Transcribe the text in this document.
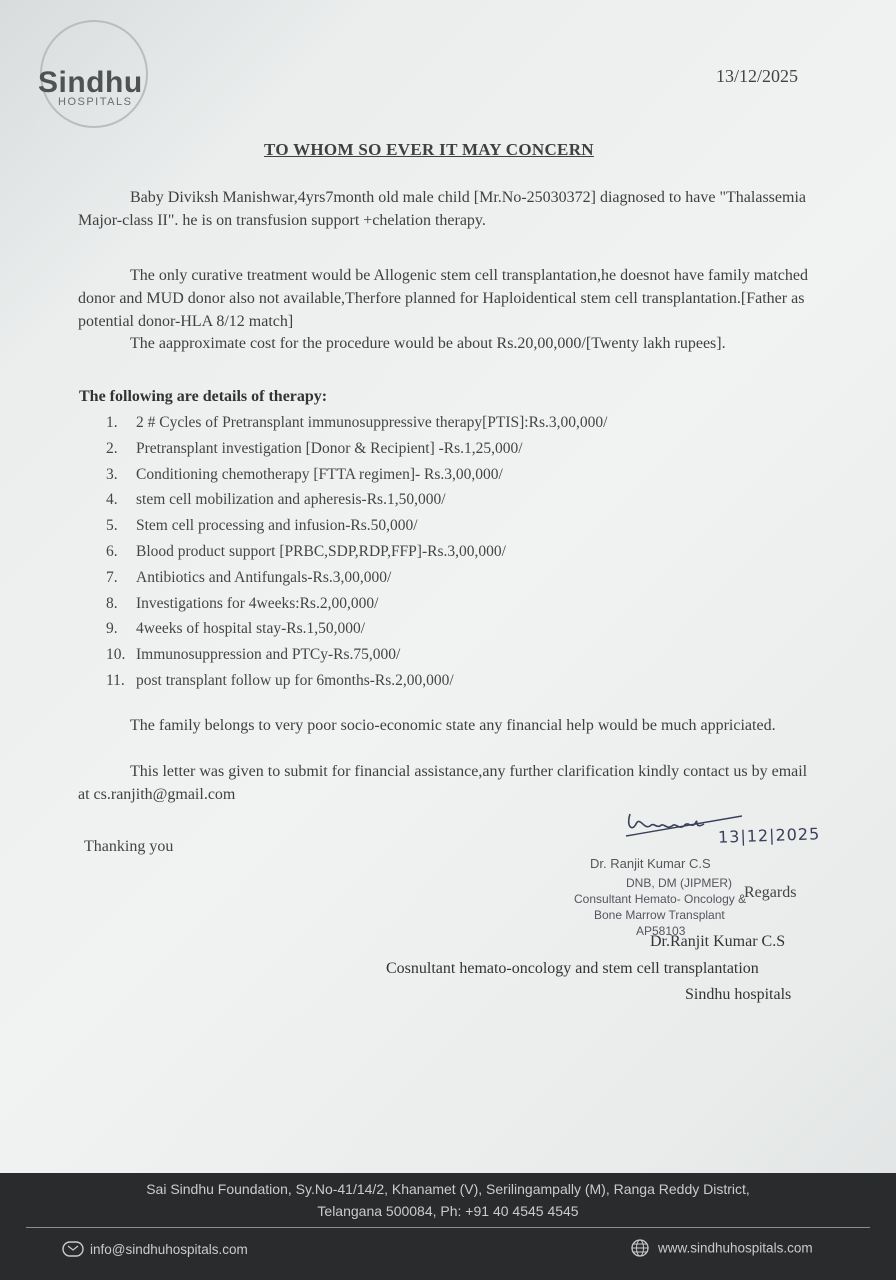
Sindhu
HOSPITALS
13/12/2025
TO WHOM SO EVER IT MAY CONCERN
Baby Diviksh Manishwar,4yrs7month old male child [Mr.No-25030372] diagnosed to have "Thalassemia Major-class II". he is on transfusion support +chelation therapy.
The only curative treatment would be Allogenic stem cell transplantation,he doesnot have family matched donor and MUD donor also not available,Therfore planned for Haploidentical stem cell transplantation.[Father as potential donor-HLA 8/12 match]
The aapproximate cost for the procedure would be about Rs.20,00,000/[Twenty lakh rupees].
The following are details of therapy:
1. 2 # Cycles of Pretransplant immunosuppressive therapy[PTIS]:Rs.3,00,000/
2. Pretransplant investigation [Donor & Recipient] -Rs.1,25,000/
3. Conditioning chemotherapy [FTTA regimen]- Rs.3,00,000/
4. stem cell mobilization and apheresis-Rs.1,50,000/
5. Stem cell processing and infusion-Rs.50,000/
6. Blood product support [PRBC,SDP,RDP,FFP]-Rs.3,00,000/
7. Antibiotics and Antifungals-Rs.3,00,000/
8. Investigations for 4weeks:Rs.2,00,000/
9. 4weeks of hospital stay-Rs.1,50,000/
10. Immunosuppression and PTCy-Rs.75,000/
11. post transplant follow up for 6months-Rs.2,00,000/
The family belongs to very poor socio-economic state any financial help would be much appriciated.
This letter was given to submit for financial assistance,any further clarification kindly contact us by email at cs.ranjith@gmail.com
Thanking you	13|12|2025
Dr. Ranjit Kumar C.S
DNB, DM (JIPMER)
Consultant Hemato- Oncology &
Bone Marrow Transplant
AP58103
Regards
Dr.Ranjit Kumar C.S
Cosnultant hemato-oncology and stem cell transplantation
Sindhu hospitals
Sai Sindhu Foundation, Sy.No-41/14/2, Khanamet (V), Serilingampally (M), Ranga Reddy District,
Telangana 500084, Ph: +91 40 4545 4545
info@sindhuhospitals.com	www.sindhuhospitals.com
